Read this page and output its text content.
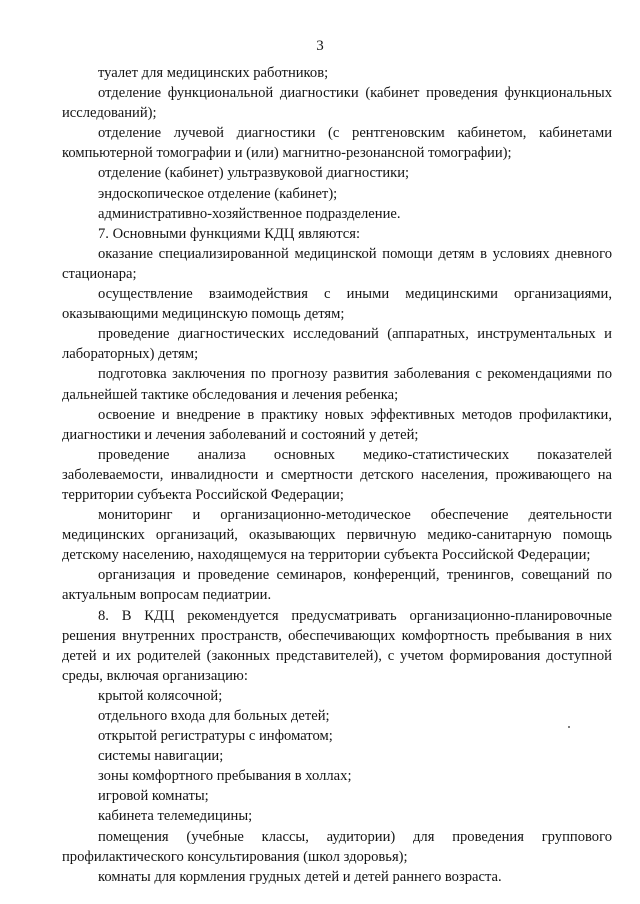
3

туалет для медицинских работников;

отделение функциональной диагностики (кабинет проведения функциональных исследований);

отделение лучевой диагностики (с рентгеновским кабинетом, кабинетами компьютерной томографии и (или) магнитно-резонансной томографии);

отделение (кабинет) ультразвуковой диагностики;

эндоскопическое отделение (кабинет);

административно-хозяйственное подразделение.

7. Основными функциями КДЦ являются:

оказание специализированной медицинской помощи детям в условиях дневного стационара;

осуществление взаимодействия с иными медицинскими организациями, оказывающими медицинскую помощь детям;

проведение диагностических исследований (аппаратных, инструментальных и лабораторных) детям;

подготовка заключения по прогнозу развития заболевания с рекомендациями по дальнейшей тактике обследования и лечения ребенка;

освоение и внедрение в практику новых эффективных методов профилактики, диагностики и лечения заболеваний и состояний у детей;

проведение анализа основных медико-статистических показателей заболеваемости, инвалидности и смертности детского населения, проживающего на территории субъекта Российской Федерации;

мониторинг и организационно-методическое обеспечение деятельности медицинских организаций, оказывающих первичную медико-санитарную помощь детскому населению, находящемуся на территории субъекта Российской Федерации;

организация и проведение семинаров, конференций, тренингов, совещаний по актуальным вопросам педиатрии.

8. В КДЦ рекомендуется предусматривать организационно-планировочные решения внутренних пространств, обеспечивающих комфортность пребывания в них детей и их родителей (законных представителей), с учетом формирования доступной среды, включая организацию:

крытой колясочной;

отдельного входа для больных детей;

открытой регистратуры с инфоматом;

системы навигации;

зоны комфортного пребывания в холлах;

игровой комнаты;

кабинета телемедицины;

помещения (учебные классы, аудитории) для проведения группового профилактического консультирования (школ здоровья);

комнаты для кормления грудных детей и детей раннего возраста.
